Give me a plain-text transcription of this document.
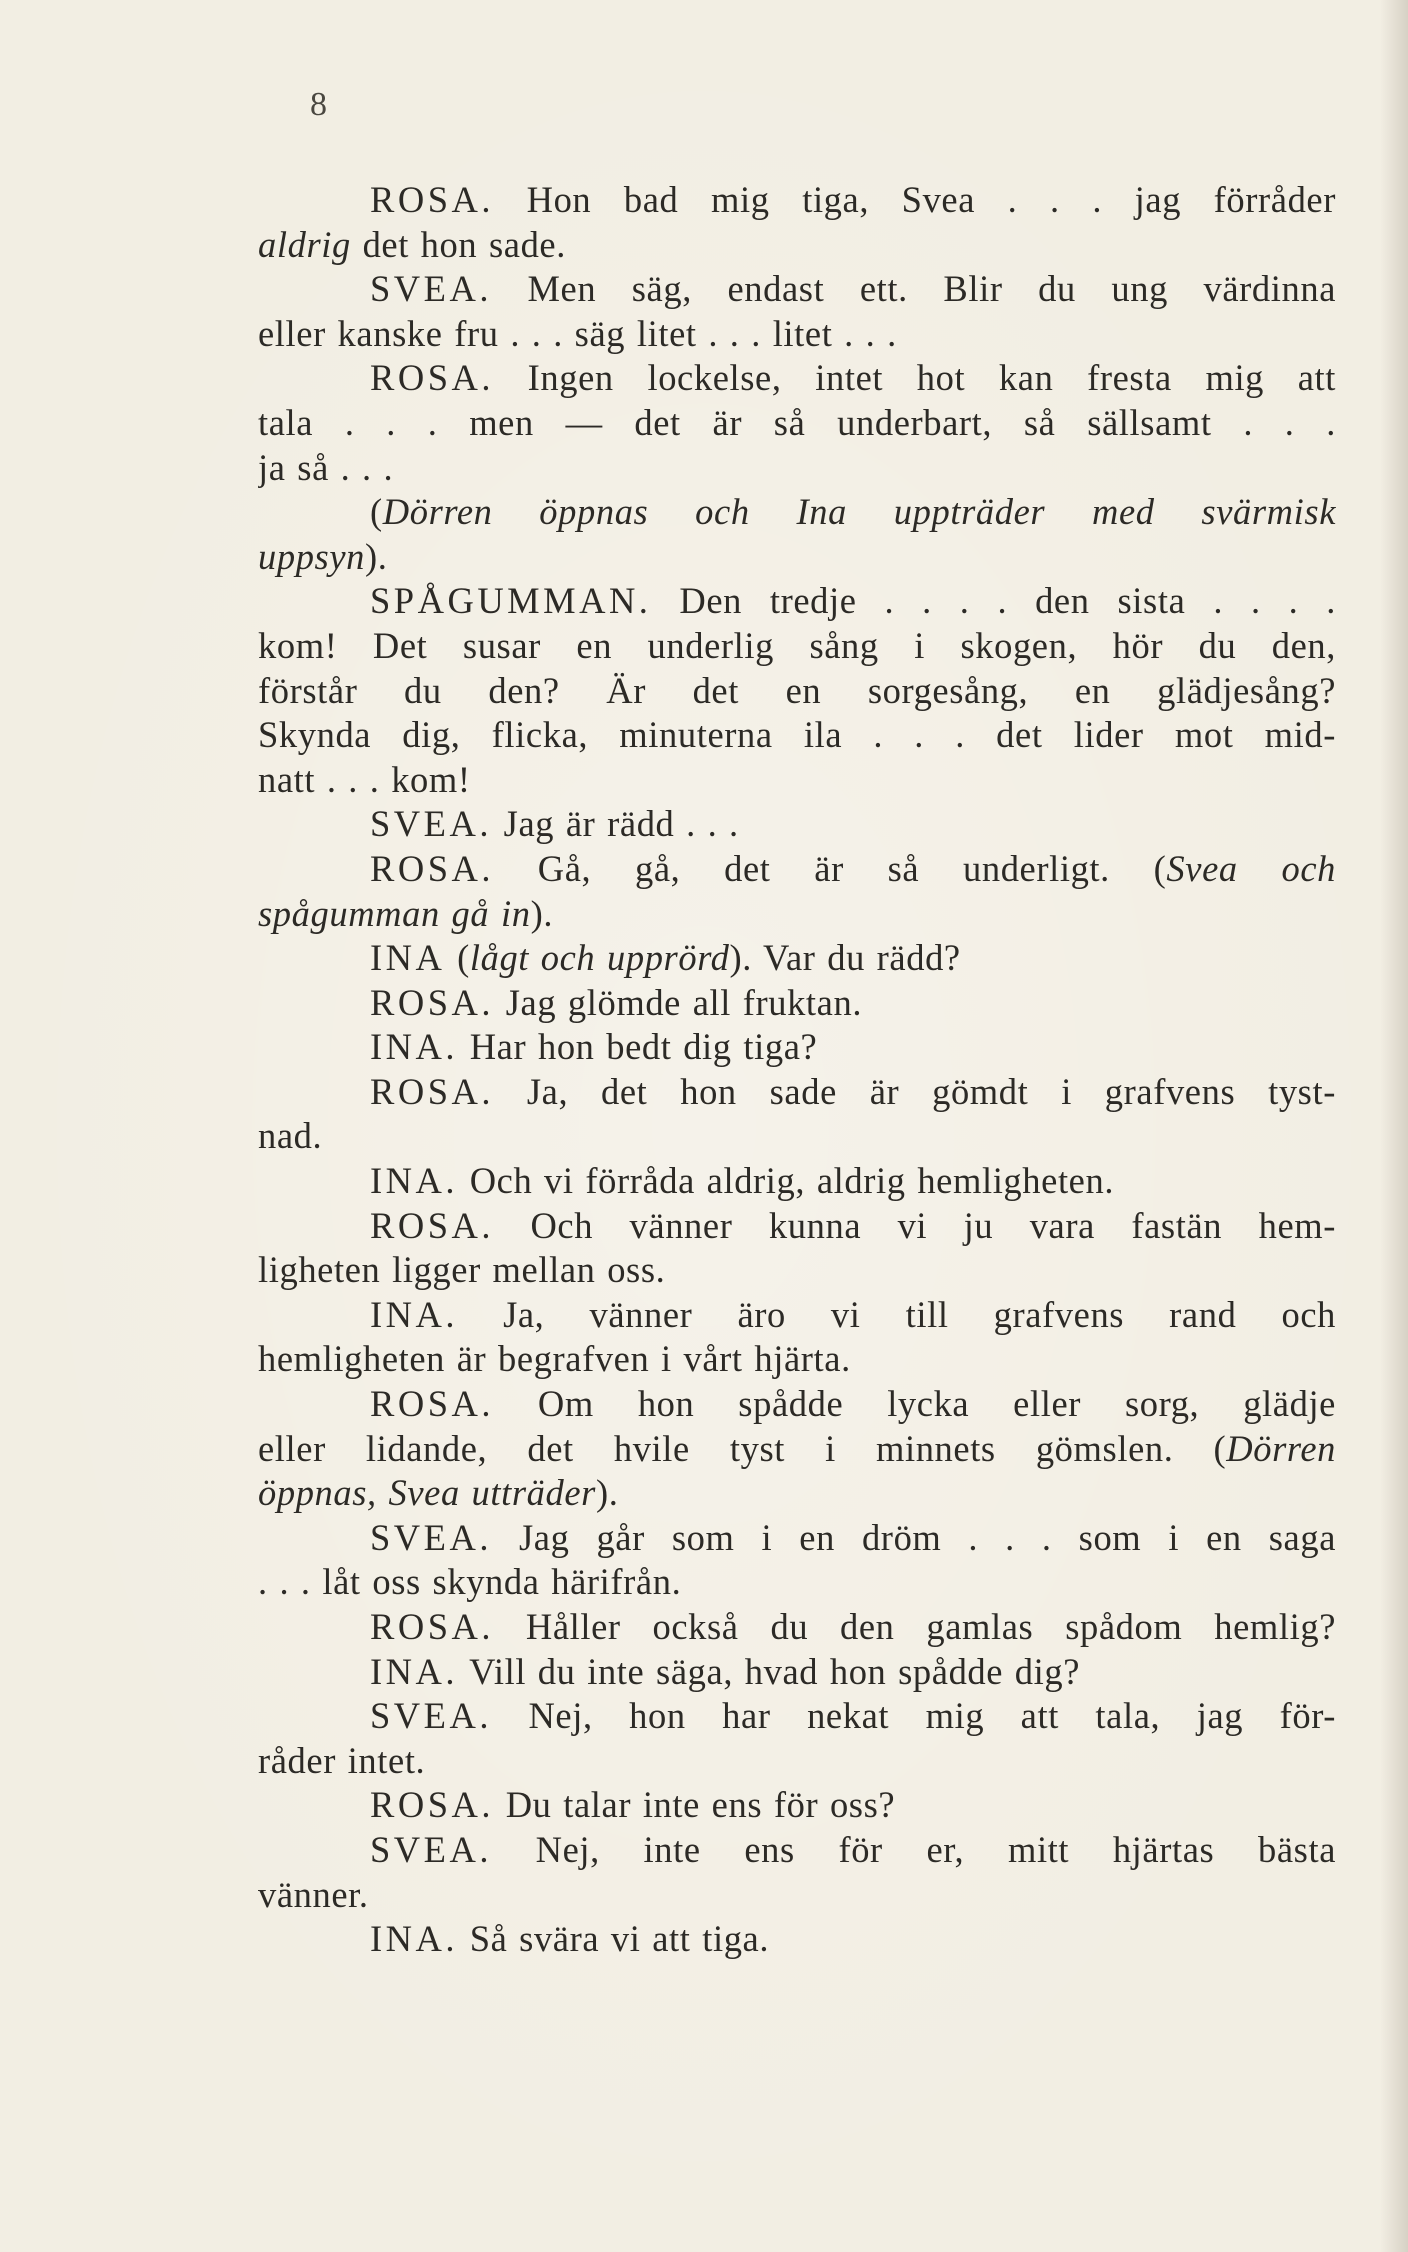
8
ROSA. Hon bad mig tiga, Svea . . . jag förråder
aldrig det hon sade.
SVEA. Men säg, endast ett. Blir du ung värdinna
eller kanske fru . . . säg litet . . . litet . . .
ROSA. Ingen lockelse, intet hot kan fresta mig att
tala . . . men — det är så underbart, så sällsamt . . .
ja så . . .
(Dörren öppnas och Ina uppträder med svärmisk
uppsyn).
SPÅGUMMAN. Den tredje . . . . den sista . . . .
kom! Det susar en underlig sång i skogen, hör du den,
förstår du den? Är det en sorgesång, en glädjesång?
Skynda dig, flicka, minuterna ila . . . det lider mot mid-
natt . . . kom!
SVEA. Jag är rädd . . .
ROSA. Gå, gå, det är så underligt. (Svea och
spågumman gå in).
INA (lågt och upprörd). Var du rädd?
ROSA. Jag glömde all fruktan.
INA. Har hon bedt dig tiga?
ROSA. Ja, det hon sade är gömdt i grafvens tyst-
nad.
INA. Och vi förråda aldrig, aldrig hemligheten.
ROSA. Och vänner kunna vi ju vara fastän hem-
ligheten ligger mellan oss.
INA. Ja, vänner äro vi till grafvens rand och
hemligheten är begrafven i vårt hjärta.
ROSA. Om hon spådde lycka eller sorg, glädje
eller lidande, det hvile tyst i minnets gömslen. (Dörren
öppnas, Svea utträder).
SVEA. Jag går som i en dröm . . . som i en saga
. . . låt oss skynda härifrån.
ROSA. Håller också du den gamlas spådom hemlig?
INA. Vill du inte säga, hvad hon spådde dig?
SVEA. Nej, hon har nekat mig att tala, jag för-
råder intet.
ROSA. Du talar inte ens för oss?
SVEA. Nej, inte ens för er, mitt hjärtas bästa
vänner.
INA. Så svära vi att tiga.
